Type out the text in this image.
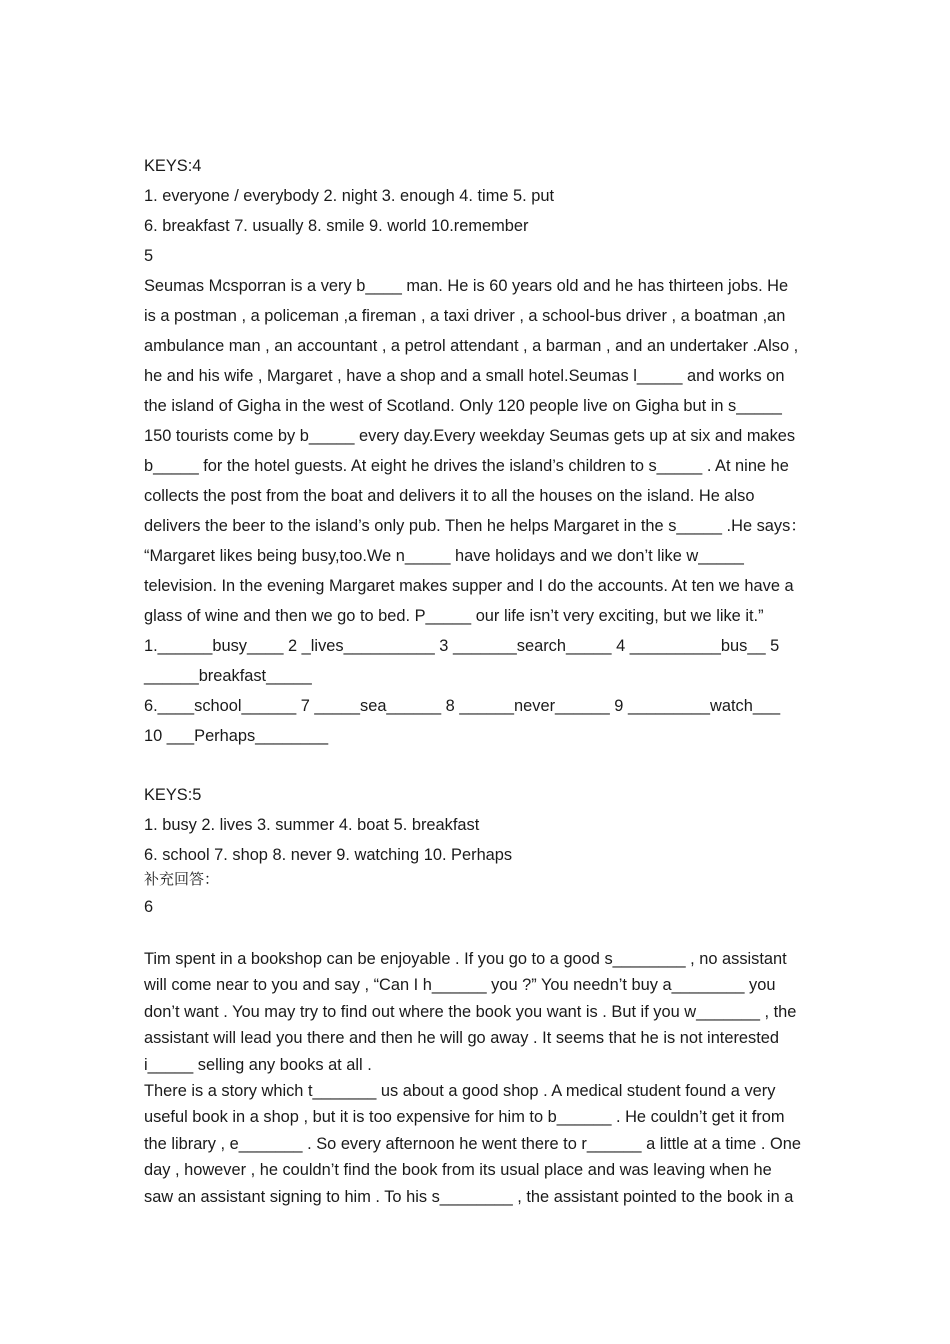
KEYS:4
1. everyone / everybody 2. night 3. enough 4. time 5. put
6. breakfast 7. usually 8. smile 9. world 10.remember
5
Seumas Mcsporran is a very b____ man. He is 60 years old and he has thirteen jobs. He
is a postman , a policeman ,a fireman , a taxi driver , a school-bus driver , a boatman ,an
ambulance man , an accountant , a petrol attendant , a barman , and an undertaker .Also ,
he and his wife , Margaret , have a shop and a small hotel.Seumas l_____ and works on
the island of Gigha in the west of Scotland. Only 120 people live on Gigha but in s_____
150 tourists come by b_____ every day.Every weekday Seumas gets up at six and makes
b_____ for the hotel guests. At eight he drives the island’s children to s_____ . At nine he
collects the post from the boat and delivers it to all the houses on the island. He also
delivers the beer to the island’s only pub. Then he helps Margaret in the s_____ .He says：
“Margaret likes being busy,too.We n_____ have holidays and we don’t like w_____
television. In the evening Margaret makes supper and I do the accounts. At ten we have a
glass of wine and then we go to bed. P_____ our life isn’t very exciting, but we like it.”
1.______busy____ 2 _lives__________ 3 _______search_____ 4 __________bus__ 5
______breakfast_____
6.____school______ 7 _____sea______ 8 ______never______ 9 _________watch___
10 ___Perhaps________
KEYS:5
1. busy 2. lives 3. summer 4. boat 5. breakfast
6. school 7. shop 8. never 9. watching 10. Perhaps
补充回答：
6
Tim spent in a bookshop can be enjoyable . If you go to a good s________ , no assistant
will come near to you and say , “Can I h______ you ?” You needn’t buy a________ you
don’t want . You may try to find out where the book you want is . But if you w_______ , the
assistant will lead you there and then he will go away . It seems that he is not interested
i_____ selling any books at all .
There is a story which t_______ us about a good shop . A medical student found a very
useful book in a shop , but it is too expensive for him to b______ . He couldn’t get it from
the library , e_______ . So every afternoon he went there to r______ a little at a time . One
day , however , he couldn’t find the book from its usual place and was leaving when he
saw an assistant signing to him . To his s________ , the assistant pointed to the book in a
